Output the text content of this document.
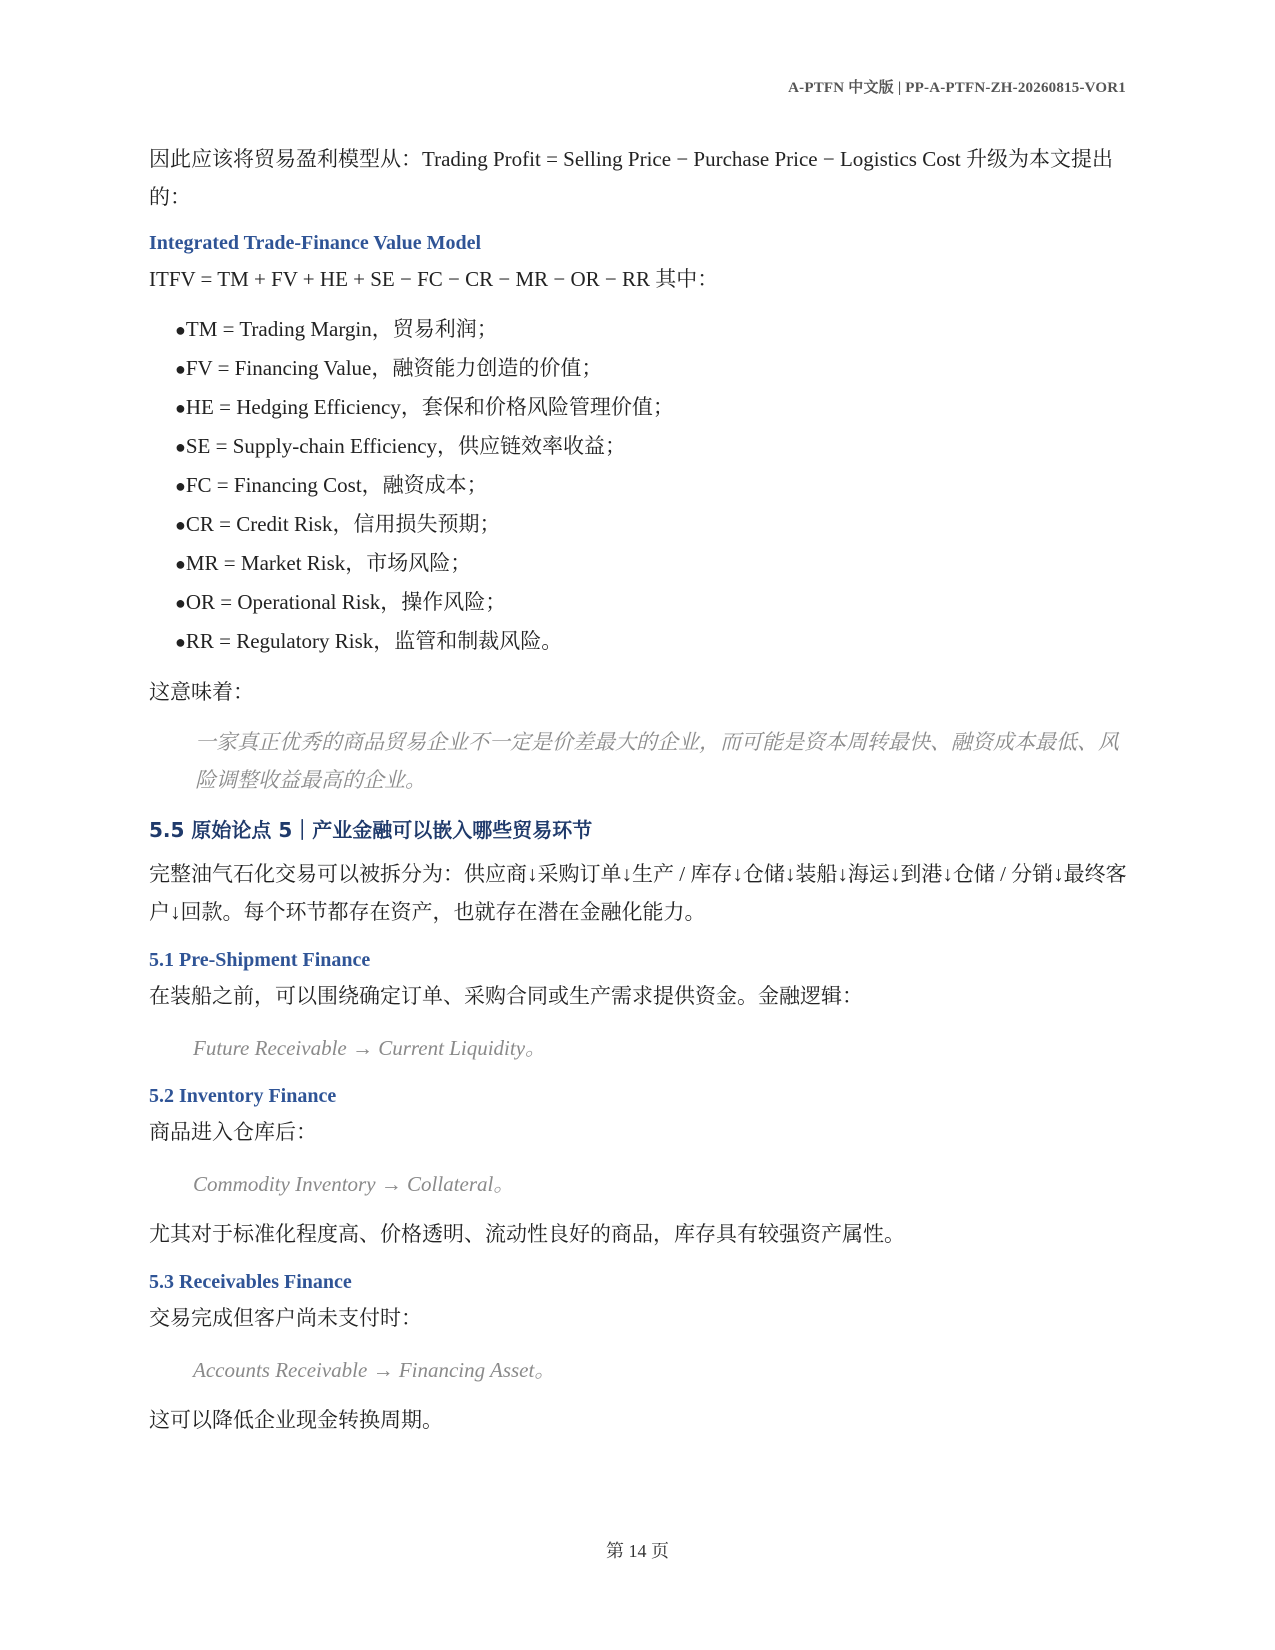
A-PTFN 中文版 | PP-A-PTFN-ZH-20260815-VOR1

因此应该将贸易盈利模型从：Trading Profit = Selling Price − Purchase Price − Logistics Cost 升级为本文提出的：

Integrated Trade-Finance Value Model

ITFV = TM + FV + HE + SE − FC − CR − MR − OR − RR 其中：

●TM = Trading Margin，贸易利润；
●FV = Financing Value，融资能力创造的价值；
●HE = Hedging Efficiency，套保和价格风险管理价值；
●SE = Supply-chain Efficiency，供应链效率收益；
●FC = Financing Cost，融资成本；
●CR = Credit Risk，信用损失预期；
●MR = Market Risk，市场风险；
●OR = Operational Risk，操作风险；
●RR = Regulatory Risk，监管和制裁风险。

这意味着：

一家真正优秀的商品贸易企业不一定是价差最大的企业，而可能是资本周转最快、融资成本最低、风险调整收益最高的企业。

5.5 原始论点 5｜产业金融可以嵌入哪些贸易环节

完整油气石化交易可以被拆分为：供应商↓采购订单↓生产 / 库存↓仓储↓装船↓海运↓到港↓仓储 / 分销↓最终客户↓回款。每个环节都存在资产，也就存在潜在金融化能力。

5.1 Pre-Shipment Finance

在装船之前，可以围绕确定订单、采购合同或生产需求提供资金。金融逻辑：

Future Receivable → Current Liquidity。

5.2 Inventory Finance

商品进入仓库后：

Commodity Inventory → Collateral。

尤其对于标准化程度高、价格透明、流动性良好的商品，库存具有较强资产属性。

5.3 Receivables Finance

交易完成但客户尚未支付时：

Accounts Receivable → Financing Asset。

这可以降低企业现金转换周期。

第 14 页
